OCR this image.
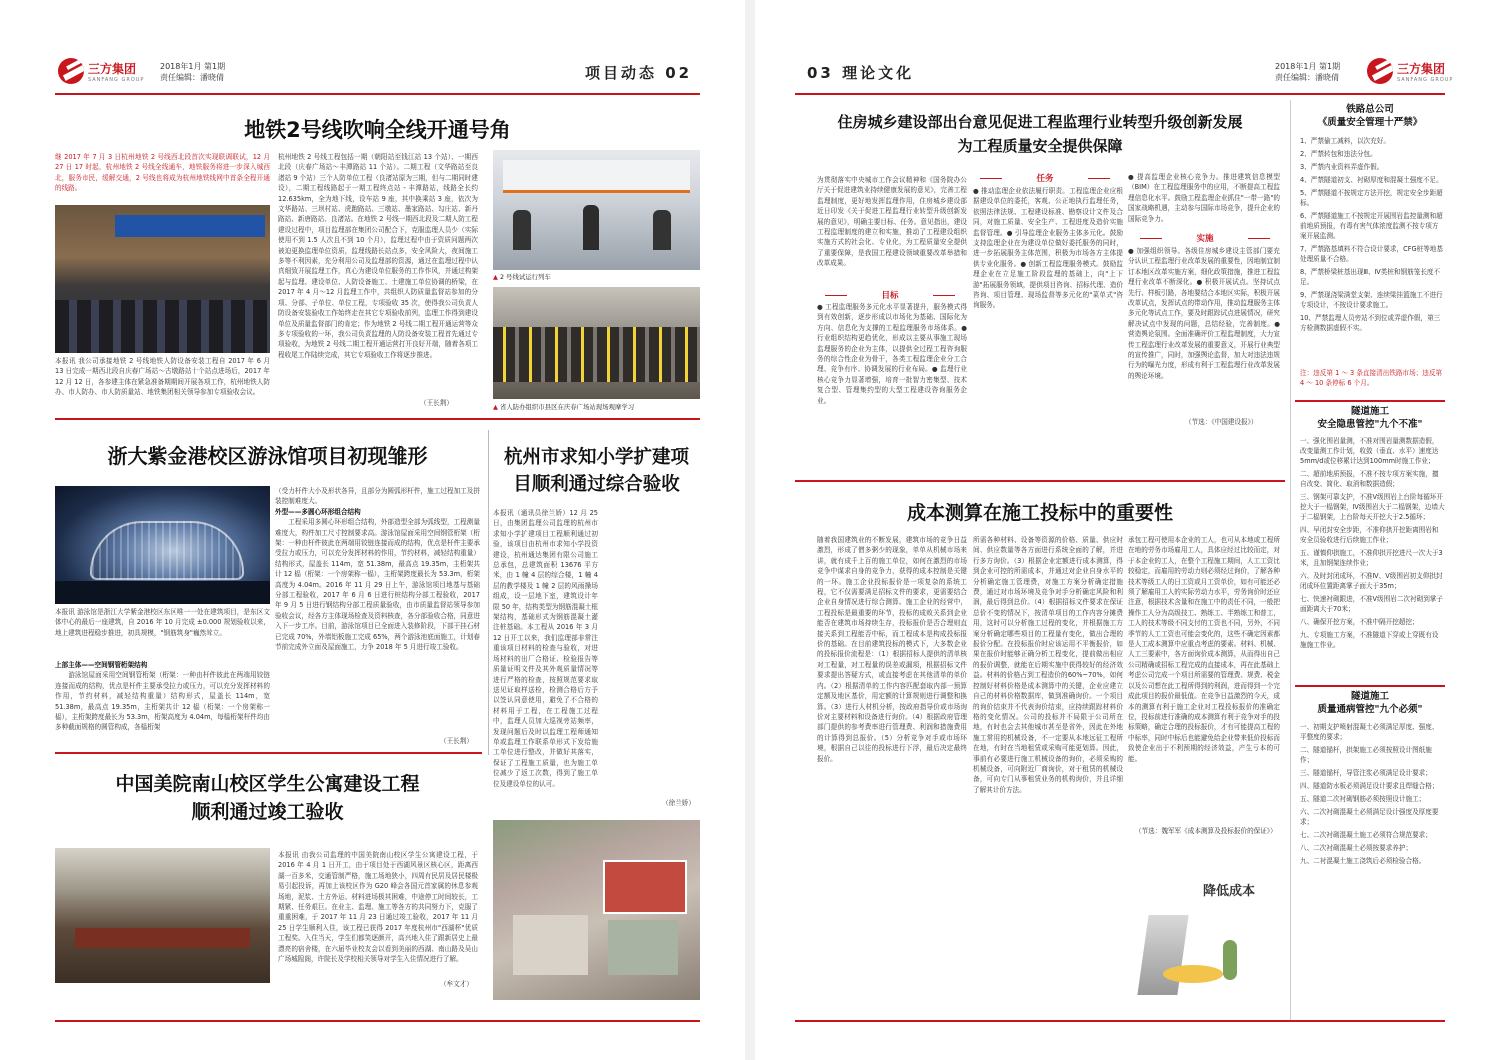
三方集团
SANFANG GROUP
2018年1月 第1期
责任编辑：潘晓倩	项目动态 02
地铁2号线吹响全线开通号角
继 2017 年 7 月 3 日杭州地铁 2 号线西北段首次实现联调联试，12 月 27 日 17 时起，杭州地铁 2 号线全线通车，地铁服务将进一步深入城西北，服务市民，缓解交通，2 号线也将成为杭州地铁线网中首条全程开通的线路。
本报讯 我公司承接地铁 2 号线地铁人防设备安装工程自 2017 年 6 月 13 日完成一期西北段自庆春广场站～古墩路站十个站点进场后，2017 年 12 月 12 日，各参建主体在紧急准备期期间开展各项工作，杭州地铁人防办、市人防办、市人防质量站、地铁集团相关领导参加专项验收会议。
杭州地铁 2 号线工程包括一期（朝阳站至钱江站 13 个站）、一期西北段（庆春广场站～丰潭路站 11 个站）。二期工程（文华路站至良渚站 9 个站）三个人防单位工程（良渚站原为三期，但与二期同时建设），二期工程线路起于一期工程终点站 - 丰潭路站，线路全长约 12.635km，全为地下线，设车站 9 座，其中换乘站 3 座，依次为文华路站、三坝村站、虎跑路站、三墩站、墨家路站、勾庄站、新丹路站、新唐路站、良渚站。在地铁 2 号线一期西北段及二期人防工程建设过程中，项目监理部在集团公司配合下，克服监理人员少（实际使用不到 1.5 人次且不到 10 个月），监理过程中由于资质问题两次被迫更换监理单位资质，监理线路长站点多，安全风险大，夜间施工多等不利因素，充分利用公司及监理部的资源，通过在监理过程中认真细致开展监理工作，真心为建设单位服务的工作作风，并通过构架起与监理、建设单位、人防设备施工、土建施工单位协调的桥梁，在 2017 年 4 月～12 月监理工作中，共组织人防质量监督站参加的分项、分部、子单位、单位工程，专项验收 35 次，使得我公司负责人防设备安装验收工作始终走在其它专项验收前列，监理工作得到建设单位及质量监督部门的肯定；作为地铁 2 号线二期工程开通运营等众多专项验收的一环，我公司负责监理的人防设备安装工程首先通过专项验收，为地铁 2 号线二期工程开通运营打开良好开端，随着各项工程收尾工作陆续完成，其它专项验收工作将逐步推进。
（王长荆）
▲ 2 号线试运行列车
▲ 省人防办组织市县区在庆春广场站现场观摩学习
浙大紫金港校区游泳馆项目初现雏形
本报讯 游泳馆是浙江大学紫金港校区东区唯一一处在建筑项目，是东区文体中心的最后一座建筑，自 2016 年 10 月完成 ±0.000 规划验收以来，地上建筑进程稳步推进，初具规模，"钢筋筑身"巍然耸立。

上部主体——空间钢管桁架结构

游泳馆屋面采用空间钢管桁架（桁架：一种由杆件彼此在两端用铰链连接而成的结构，优点是杆件主要承受拉力或压力，可以充分发挥材料的作用，节约材料，减轻结构重量）结构形式，屋盖长 114m，宽 51.38m，最高点 19.35m，主桁架共计 12 榀（桁架：一个房架称一榀），主桁架跨度最长为 53.3m，桁架高度为 4.04m，每榀桁架杆件均由多种截面规格的圆管构成，各榀桁架

（受力杆件大小及形状各异，且部分为圆弧形杆件，施工过程加工及拼装控制难度大。

外型——多圆心环形组合结构

工程采用多圆心环形组合结构，外部造型全部为弧线型，工程测量难度大，构件加工尺寸控制要求高。游泳馆屋面采用空间钢管桁架（桁架：一种由杆件彼此在两端用铰链连接而成的结构，优点是杆件主要承受拉力或压力，可以充分发挥材料的作用，节约材料，减轻结构重量）结构形式，屋盖长 114m，宽 51.38m，最高点 19.35m，主桁架共计 12 榀（桁架：一个房架称一榀），主桁架跨度最长为 53.3m，桁架高度为 4.04m。2016 年 11 月 29 日上午，游泳馆项目地基与基础分部工程验收，2017 年 6 月 6 日进行桩结构分部工程验收，2017 年 9 月 5 日进行钢结构分部工程质量验收，由市质量监督站领导参加验收会议，经各方主体现场检查及资料核查，各分部验收合格，同意进入下一步工序。目前，游泳馆项目已全面进入装修阶段，下部干挂石材已完成 70%，外墙铝板施工完成 65%，两个游泳池底面施工，计划春节前完成外立面及屋面施工，力争 2018 年 5 月进行竣工验收。

（王长荆）
杭州市求知小学扩建项
目顺利通过综合验收
本报讯（通讯员徐兰娇）12 月 25 日，由集团监理公司监理的杭州市求知小学扩建项目工程顺利通过初验，该项目由杭州市求知小学投资建设，杭州通达集团有限公司施工总承包，总建筑面积 13676 平方米，由 1 幢 4 层的综合楼，1 幢 4 层的教学楼及 1 幢 2 层的风雨操场组成，设一层地下室，建筑设计年限 50 年，结构类型为钢筋混凝土框架结构，基础形式为钢筋混凝土灌注桩基础。本工程从 2016 年 3 月 12 日开工以来，我们监理部非常注重该项目材料的检查与验收，对进场材料的出厂合格证、检验报告等质量证明文件及其外观质量情况等进行严格的检查，按照规范要求取送见证取样送检，检测合格后方予以签认同意使用，避免了不合格的材料用于工程，在工程施工过程中，监理人员加大巡视旁站频率，发现问题后及时以监理工程师通知单或监理工作联系单形式下发给施工单位进行整改，并做好其落实，保证了工程施工质量，也为施工单位减少了返工次数，得到了施工单位及建设单位的认可。
（徐兰娇）
中国美院南山校区学生公寓建设工程
顺利通过竣工验收
本报讯 由我公司监理的中国美院南山校区学生公寓建设工程，于 2016 年 4 月 1 日开工，由于项目处于西湖风景区核心区，距离西湖一百多米，交通管制严格，施工场地狭小，四周有民居及居民楼极易引起投诉，再加上该校区作为 G20 峰会各国元首家属的休息参观场地，泥浆、土方外运、材料进场极其困难，中途停工时间较长，工期紧、任务艰巨。在业主、监理、施工等各方的共同努力下，克服了重重困难，于 2017 年 11 月 23 日通过竣工验收，2017 年 11 月 25 日学生顺利入住，该工程已获得 2017 年度杭州市"西湖杯"优质工程奖。入住当天，学生们都笑逐颜开，高兴地入住了跟新居史上最漂亮的宿舍楼，在六届毕业校友会以看到美丽的西湖、南山路及吴山广场城隍阁，许院长及学校相关领导对学生入住情况进行了解。
（牟文才）
03 理论文化	2018年1月 第1期
责任编辑：潘晓倩
三方集团
SANFANG GROUP
住房城乡建设部出台意见促进工程监理行业转型升级创新发展
为工程质量安全提供保障
为贯彻落实中央城市工作会议精神和《国务院办公厅关于促进建筑业持续健康发展的意见》，完善工程监理制度，更好地发挥监理作用，住房城乡建设部近日印发《关于促进工程监理行业转型升级创新发展的意见》，明确主要目标、任务。意见指出，建设工程监理制度的建立和实施，推动了工程建设组织实施方式的社会化、专业化，为工程质量安全提供了重要保障，是我国工程建设领域重要改革举措和改革成果。
目标
● 工程监理服务多元化水平显著提升，服务模式得到有效创新，逐步形成以市场化为基础、国际化为方向、信息化为支撑的工程监理服务市场体系。● 行业组织结构更趋优化，形成以主要从事施工现场监理服务的企业为主体，以提供全过程工程咨询服务的综合性企业为骨干，各类工程监理企业分工合理、竞争有序、协调发展的行业布局。● 监理行业核心竞争力显著增强，培育一批智力密集型、技术复合型、管理集约型的大型工程建设咨询服务企业。
任务
● 推动监理企业依法履行职责。工程监理企业应根据建设单位的委托，客观、公正地执行监理任务，依照法律法规、工程建设标准、勘察设计文件及合同，对施工质量、安全生产、工程进度及造价实施监督管理。● 引导监理企业服务主体多元化。鼓励支持监理企业在为建设单位做好委托服务的同时，进一步拓展服务主体范围，积极为市场各方主体提供专业化服务。● 创新工程监理服务模式。鼓励监理企业在立足施工阶段监理的基础上，向"上下游"拓展服务领域，提供项目咨询、招标代理、造价咨询、项目管理、现场监督等多元化的"菜单式"咨询服务。
● 提高监理企业核心竞争力。推进建筑信息模型（BIM）在工程监理服务中的应用，不断提高工程监理信息化水平。鼓励工程监理企业抓住"一带一路"的国家战略机遇，主动参与国际市场竞争，提升企业的国际竞争力。
实施
● 加强组织领导。各级住房城乡建设主管部门要充分认识工程监理行业改革发展的重要性，因地制宜制订本地区改革实施方案，细化政策措施，推进工程监理行业改革不断深化。● 积极开展试点。坚持试点先行、样板引路，各地要结合本地区实际，积极开展改革试点，发挥试点的带动作用，推动监理服务主体多元化等试点工作，要及时跟踪试点进展情况，研究解决试点中发现的问题，总结经验，完善制度。● 营造舆论氛围。全面准确评价工程监理制度，大力宣传工程监理行业改革发展的重要意义，开展行业典型的宣传推广，同时，加强舆论监督，加大对违法违规行为的曝光力度，形成有利于工程监理行业改革发展的舆论环境。
（节选：《中国建设报》）
成本测算在施工投标中的重要性
随着我国建筑业的不断发展，建筑市场的竞争日益激烈，形成了僧多粥少的现象，单单从机械市场来讲，就有成千上百的施工单位，如何在激烈的市场竞争中谋求自身的竞争力，获得的成本控制是关键的一环。施工企业投标报价是一项复杂的系统工程，它不仅需要满足招标文件的要求，更需要结合企业自身情况进行综合测算。施工企业的经营中，工程投标是最重要的环节，投标的成败关系到企业能否在建筑市场持续生存，投标报价是否合理则直接关系到工程能否中标，而工程成本是构成投标报价的基础。在目前建筑投标的模式下，大多数企业的投标报价流程是：（1）根据招标人提供的清单核对工程量，对工程量的误差或漏项，根据招标文件要求提出答疑方式，或直接考虑在其他清单的单价内。（2）根据清单的工作内容匹配套取内部一预算定额及地区基价，用定额的计算规则进行调整和换算。（3）进行人材机分析，按政府指导价或市场询价对主要材料和设备进行询价。（4）根据政府管理部门提供的参考费率进行管理费、利润和措施费用的计算得到总报价。（5）分析竞争对手或市场环境，根据自己以往的投标进行下浮，最后决定最终报价。
所需各种材料、设备等资源的价格、质量、供应时间、供应数量等各方面进行系统全面的了解，并进行多方询价。（3）根据企业定额进行成本测算，得到企业可控的所需成本，并通过对企业自身水平的分析确定施工管理费，对施工方案分析确定措施费，通过对市场环境及竞争对手分析确定风险和利润，最后得到总价。（4）根据招标文件要求在保证总价不变的情况下，按清单项目的工作内容分摊费用，这时可以分析施工过程的变化，并根据施工方案分析确定哪些项目的工程量有变化，做出合理的报价分配。在投标报价时应该运用不平衡报价，如果在报价时能够正确分析工程变化，提前做出相应的报价调整，就能在后期实施中获得较好的经济效益。材料的价格占到工程造价的60%~70%，如何控制好材料价格是成本测算中的关键，企业应建立自己的材料价格数据库，做到准确询价。一个项目的询价结束并不代表询价结束，应持续跟踪材料价格的变化情况。公司的投标并不局限于公司所在地，有时也会去其他城市甚至是省外，因此在外地施工常用的机械设备，不一定要从本地远征工程所在地，有时在当地租赁或采购可能更划算。因此，事前有必要进行施工机械设备的询价，必须采购的机械设备，可向附近厂商询价，对于租赁的机械设备，可向专门从事租赁业务的机构询价，并且详细了解其计价方法。
承包工程可使用本企业的工人，也可从本地或工程所在地的劳务市场雇用工人，具体应经过比较而定，对于本企业的工人，在整个工程施工期间，人工工资比较稳定，而雇用的劳动力则必须经过询价，了解各种技术等级工人的日工资或月工资单价，如有可能还必须了解雇用工人的实际劳动力水平，劳务询价时还应注意，根据技术含量和在施工中的责任不同，一般把操作工人分为高级技工、熟练工、半熟练工和普工，工人的技术等级不同支付的工资也不同，另外，不同季节的人工工资也可能会变化的，这些不确定因素都是人工成本测算中应重点考虑的要素。材料、机械、人工三要素中，各方面询价成本测算，从而得出自己公司精确或招标工程完成的直接成本，再在此基础上考虑公司完成一个项目所需要的管理费、规费、税金以及公司想在此工程所得到的利润，进而得到一个完成此项目的报价最低值。在竞争日益激烈的今天，成本的测算有利于施工企业对工程投标报价的准确定位，投标前进行准确的成本测算有利于竞争对手的投标策略，确定合理的投标报价，才有可能提高工程的中标率，同时中标后也能避免给企业带来低价投标而致使企业出于不利预期的经济效益，产生亏本的可能。
（节选：魏军军《成本测算及投标报价的保证》）
降低成本
铁路总公司
《质量安全管理十严禁》

1、严禁偷工减料，以次充好。

2、严禁转包和违法分包。

3、严禁内业资料弄虚作假。

4、严禁隧道初支、衬砌厚度和混凝土强度不足。

5、严禁隧道不按规定方法开挖，规定安全步距超标。

6、严禁隧道施工不按规定开展围岩监控量测和超前地质预报，有毒有害气体浓度监测不按专项方案开展监测。

7、严禁路基填料不符合设计要求，CFG桩等地基处理质量不合格。

8、严禁桥梁桩基出现Ⅲ、Ⅳ类桩和钢筋笼长度不足。

9、严禁现浇梁满堂支架、连续梁挂篮施工不进行专项设计，不按设计要求施工。

10、严禁监理人员旁站不到位或弄虚作假，第三方检测数据虚假不实。

注：违反第 1 ～ 3 条直接清出铁路市场；违反第 4 ～ 10 条停标 6 个月。
隧道施工
安全隐患管控"九个不准"

一、强化围岩量测，不准对围岩量测数据造假，改变量测工作计划，收敛（垂直、水平）速度达5mm/d或位移累计达到100mm时施工作业；

二、超前地质预报，不准不按专项方案实施，擅自改变、简化、取消和数据造假；

三、钢架可靠支护，不准Ⅴ级围岩上台阶每循环开挖大于一榀钢架，Ⅳ级围岩大于二榀钢架，边墙大于二榀钢架，上台阶每天开挖大于2.5循环；

四、早闭封安全步距，不准仰拱开挖距离围岩和安全员验收进行后续施工作业；

五、谨慎仰拱施工，不准仰拱开挖进尺一次大于3米，且加钢架连续作业；

六、及时封闭成环，不准Ⅳ、Ⅴ级围岩初支仰拱封闭成环位置距离掌子面大于35m；

七、快速衬砌跟进，不准Ⅴ级围岩二次衬砌到掌子面距离大于70米；

八、确保开挖方案，不准中隔开挖超挖；

九、专项施工方案，不准隧道下穿或上穿既有设施施工作业。

隧道施工
质量通病管控"九个必须"

一、初期支护喷射混凝土必须满足厚度、强度、平整度的要求；

二、隧道锚杆，拱架施工必须按照设计图纸施作；

三、隧道锚杆，导管注浆必须满足设计要求；

四、隧道防水板必须满足设计要求且焊缝合格；

五、隧道二次衬砌钢筋必须按照设计施工；

六、二次衬砌混凝土必须满足设计强度及厚度要求；

七、二次衬砌混凝土施工必须符合规范要求；

八、二次衬砌混凝土必须按要求养护；

九、二衬混凝土施工浇筑后必须检验合格。
